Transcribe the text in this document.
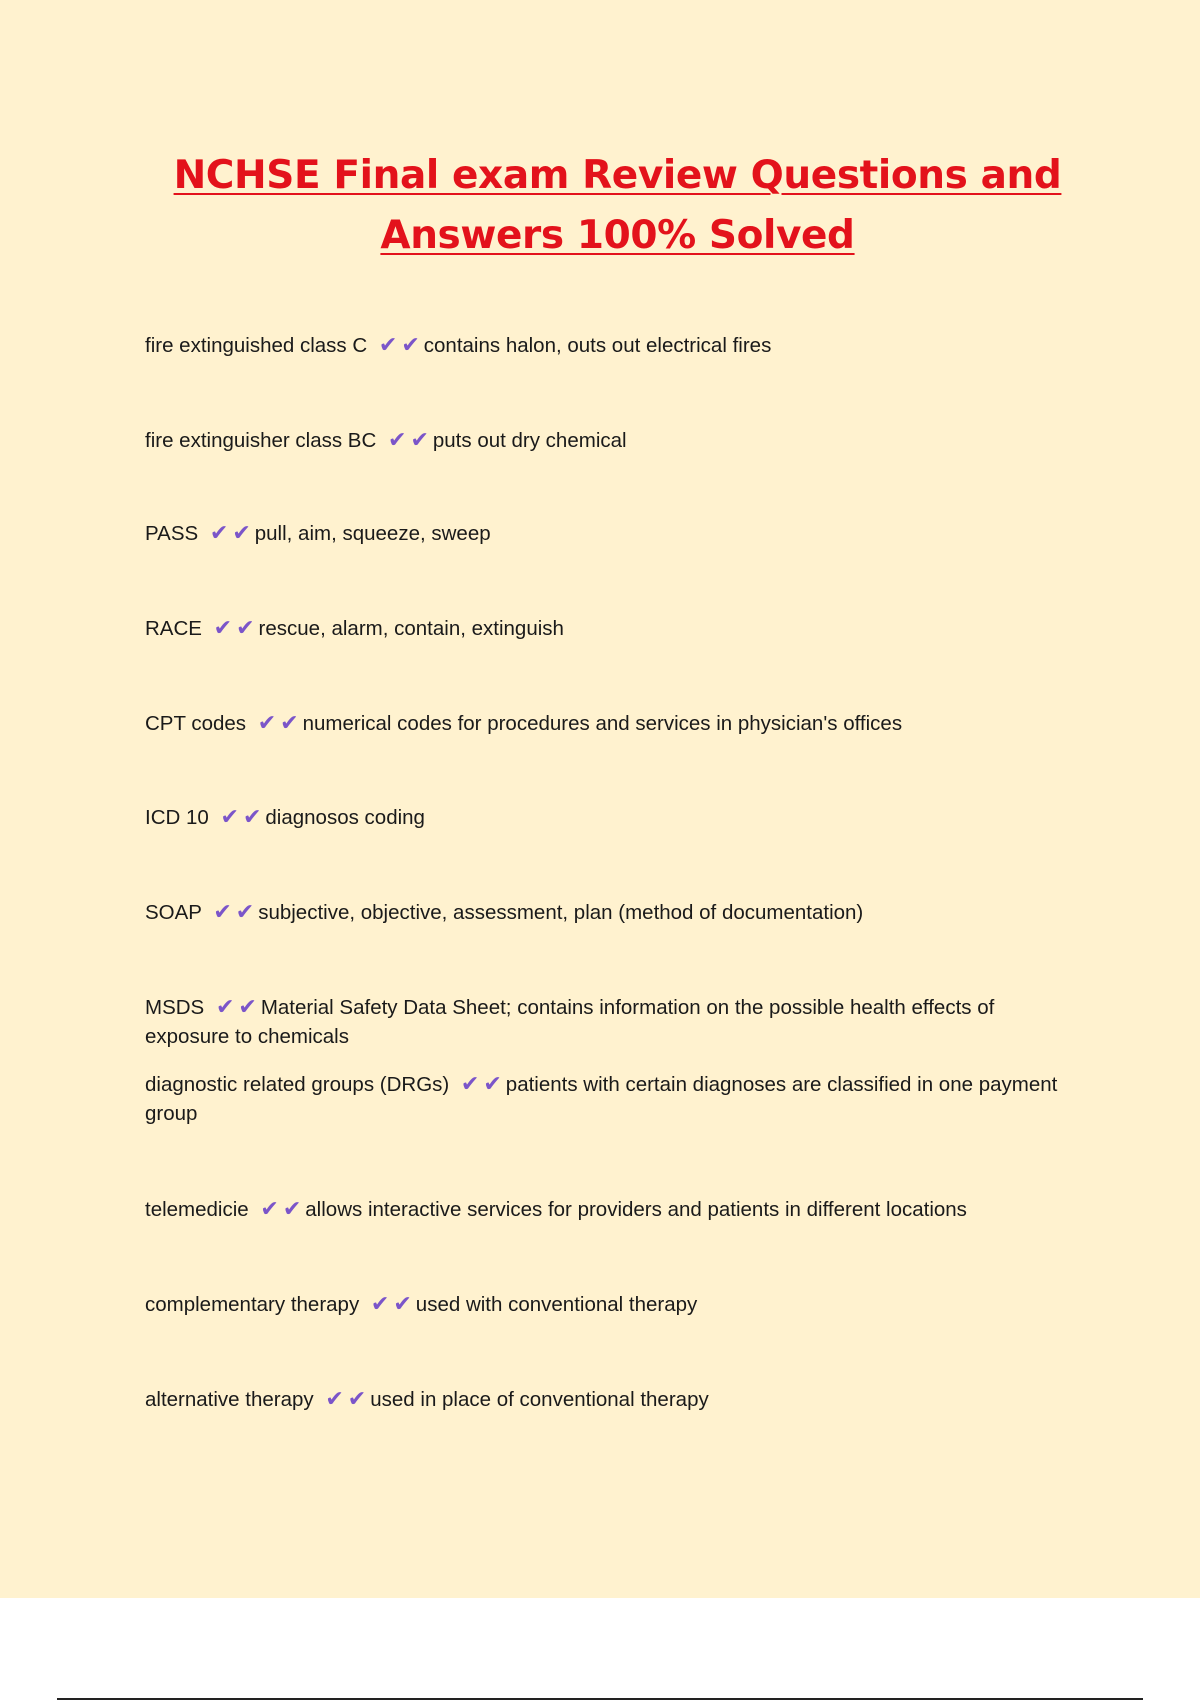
NCHSE Final exam Review Questions and
Answers 100% Solved

fire extinguished class C ✔ ✔ contains halon, outs out electrical fires

fire extinguisher class BC ✔ ✔ puts out dry chemical

PASS ✔ ✔ pull, aim, squeeze, sweep

RACE ✔ ✔ rescue, alarm, contain, extinguish

CPT codes ✔ ✔ numerical codes for procedures and services in physician's offices

ICD 10 ✔ ✔ diagnosos coding

SOAP ✔ ✔ subjective, objective, assessment, plan (method of documentation)

MSDS ✔ ✔ Material Safety Data Sheet; contains information on the possible health effects of exposure to chemicals

diagnostic related groups (DRGs) ✔ ✔ patients with certain diagnoses are classified in one payment group

telemedicie ✔ ✔ allows interactive services for providers and patients in different locations

complementary therapy ✔ ✔ used with conventional therapy

alternative therapy ✔ ✔ used in place of conventional therapy
